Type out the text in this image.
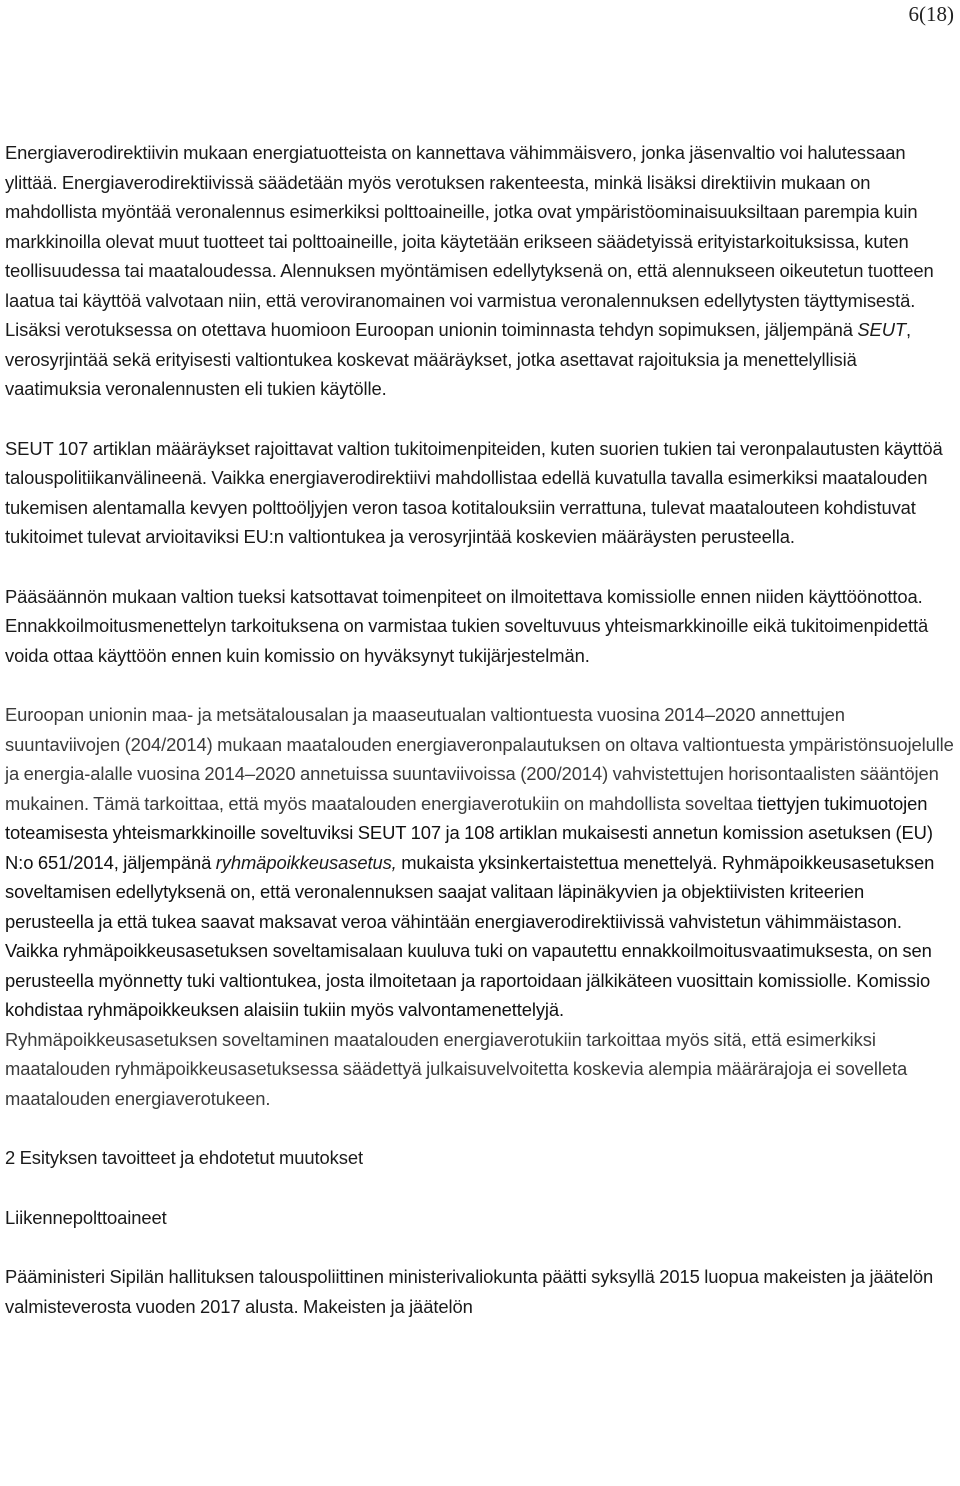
6(18)

Energiaverodirektiivin mukaan energiatuotteista on kannettava vähimmäisvero, jonka jäsenvaltio voi halutessaan ylittää. Energiaverodirektiivissä säädetään myös verotuksen rakenteesta, minkä lisäksi direktiivin mukaan on mahdollista myöntää veronalennus esimerkiksi polttoaineille, jotka ovat ympäristöominaisuuksiltaan parempia kuin markkinoilla olevat muut tuotteet tai polttoaineille, joita käytetään erikseen säädetyissä erityistarkoituksissa, kuten teollisuudessa tai maataloudessa. Alennuksen myöntämisen edellytyksenä on, että alennukseen oikeutetun tuotteen laatua tai käyttöä valvotaan niin, että veroviranomainen voi varmistua veronalennuksen edellytysten täyttymisestä. Lisäksi verotuksessa on otettava huomioon Euroopan unionin toiminnasta tehdyn sopimuksen, jäljempänä SEUT, verosyrjintää sekä erityisesti valtiontukea koskevat määräykset, jotka asettavat rajoituksia ja menettelyllisiä vaatimuksia veronalennusten eli tukien käytölle.

SEUT 107 artiklan määräykset rajoittavat valtion tukitoimenpiteiden, kuten suorien tukien tai veronpalautusten käyttöä talouspolitiikanvälineenä. Vaikka energiaverodirektiivi mahdollistaa edellä kuvatulla tavalla esimerkiksi maatalouden tukemisen alentamalla kevyen polttoöljyjen veron tasoa kotitalouksiin verrattuna, tulevat maatalouteen kohdistuvat tukitoimet tulevat arvioitaviksi EU:n valtiontukea ja verosyrjintää koskevien määräysten perusteella.

Pääsäännön mukaan valtion tueksi katsottavat toimenpiteet on ilmoitettava komissiolle ennen niiden käyttöönottoa. Ennakkoilmoitusmenettelyn tarkoituksena on varmistaa tukien soveltuvuus yhteismarkkinoille eikä tukitoimenpidettä voida ottaa käyttöön ennen kuin komissio on hyväksynyt tukijärjestelmän.

Euroopan unionin maa- ja metsätalousalan ja maaseutualan valtiontuesta vuosina 2014–2020 annettujen suuntaviivojen (204/2014) mukaan maatalouden energiaveronpalautuksen on oltava valtiontuesta ympäristönsuojelulle ja energia-alalle vuosina 2014–2020 annetuissa suuntaviivoissa (200/2014) vahvistettujen horisontaalisten sääntöjen mukainen. Tämä tarkoittaa, että myös maatalouden energiaverotukiin on mahdollista soveltaa tiettyjen tukimuotojen toteamisesta yhteismarkkinoille soveltuviksi SEUT 107 ja 108 artiklan mukaisesti annetun komission asetuksen (EU) N:o 651/2014, jäljempänä ryhmäpoikkeusasetus, mukaista yksinkertaistettua menettelyä. Ryhmäpoikkeusasetuksen soveltamisen edellytyksenä on, että veronalennuksen saajat valitaan läpinäkyvien ja objektiivisten kriteerien perusteella ja että tukea saavat maksavat veroa vähintään energiaverodirektiivissä vahvistetun vähimmäistason. Vaikka ryhmäpoikkeusasetuksen soveltamisalaan kuuluva tuki on vapautettu ennakkoilmoitusvaatimuksesta, on sen perusteella myönnetty tuki valtiontukea, josta ilmoitetaan ja raportoidaan jälkikäteen vuosittain komissiolle. Komissio kohdistaa ryhmäpoikkeuksen alaisiin tukiin myös valvontamenettelyjä.
Ryhmäpoikkeusasetuksen soveltaminen maatalouden energiaverotukiin tarkoittaa myös sitä, että esimerkiksi maatalouden ryhmäpoikkeusasetuksessa säädettyä julkaisuvelvoitetta koskevia alempia määrärajoja ei sovelleta maatalouden energiaverotukeen.

2 Esityksen tavoitteet ja ehdotetut muutokset

Liikennepolttoaineet

Pääministeri Sipilän hallituksen talouspoliittinen ministerivaliokunta päätti syksyllä 2015 luopua makeisten ja jäätelön valmisteverosta vuoden 2017 alusta. Makeisten ja jäätelön
